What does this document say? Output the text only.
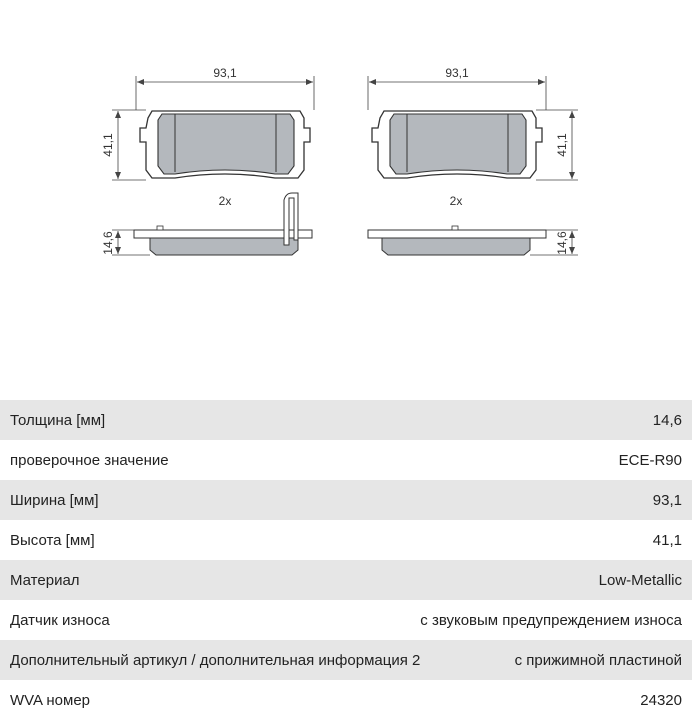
93,1
41,1
2x
14,6
93,1
41,1
2x
14,6
Толщина [мм]	14,6
проверочное значение	ECE-R90
Ширина [мм]	93,1
Высота [мм]	41,1
Материал	Low-Metallic
Датчик износа	с звуковым предупреждением износа
Дополнительный артикул / дополнительная информация 2	с прижимной пластиной
WVA номер	24320
